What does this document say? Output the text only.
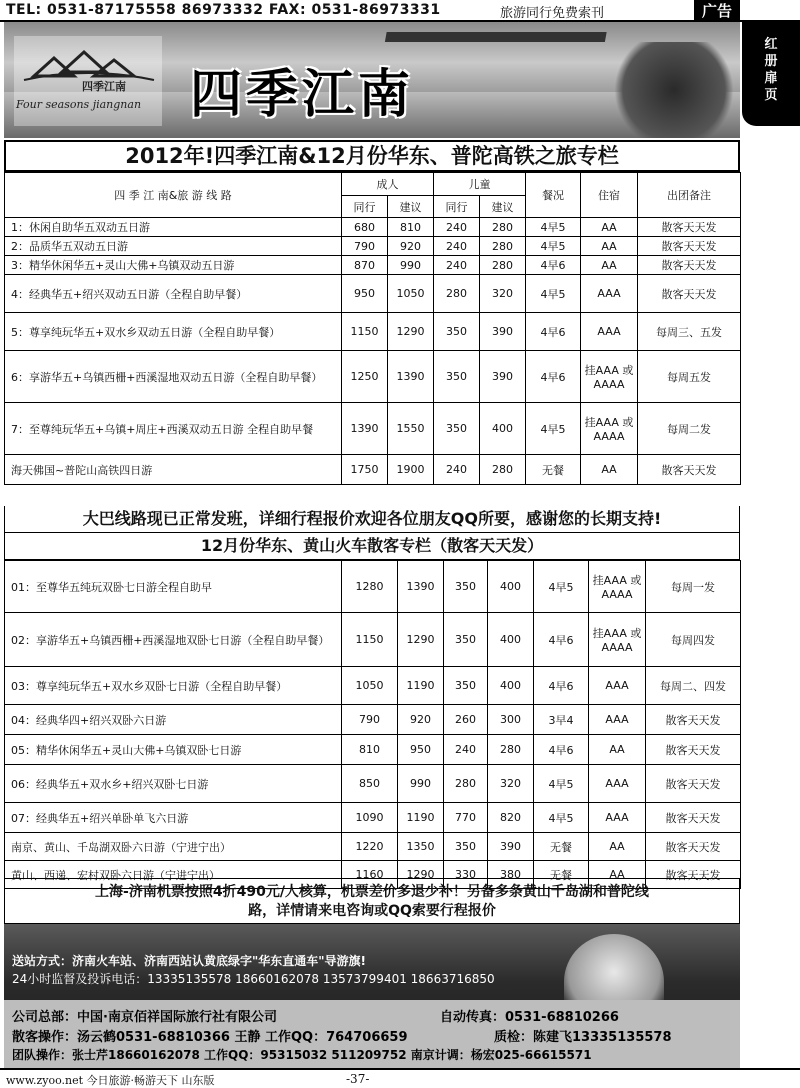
TEL: 0531-87175558 86973332 FAX: 0531-86973331	旅游同行免费索刊	广告
红
册
扉
页
四季江南
Four seasons jiangnan 四季江南
2012年!四季江南&12月份华东、普陀高铁之旅专栏
四 季 江 南&旅 游 线 路	成人		儿童		餐况	住宿	出团备注
	同行	建议	同行	建议			
1：休闲自助华五双动五日游	680	810	240	280	4早5	AA	散客天天发
2：品质华五双动五日游	790	920	240	280	4早5	AA	散客天天发
3：精华休闲华五+灵山大佛+乌镇双动五日游	870	990	240	280	4早6	AA	散客天天发
4：经典华五+绍兴双动五日游（全程自助早餐）	950	1050	280	320	4早5	AAA	散客天天发
5：尊享纯玩华五+双水乡双动五日游（全程自助早餐）	1150	1290	350	390	4早6	AAA	每周三、五发
6：享游华五+乌镇西栅+西溪湿地双动五日游（全程自助早餐）	1250	1390	350	390	4早6	挂AAA 或 AAAA	每周五发
7：至尊纯玩华五+乌镇+周庄+西溪双动五日游 全程自助早餐	1390	1550	350	400	4早5	挂AAA 或 AAAA	每周二发
海天佛国~普陀山高铁四日游	1750	1900	240	280	无餐	AA	散客天天发
大巴线路现已正常发班，详细行程报价欢迎各位朋友QQ所要，感谢您的长期支持!
12月份华东、黄山火车散客专栏（散客天天发）
01：至尊华五纯玩双卧七日游全程自助早	1280	1390	350	400	4早5	挂AAA 或 AAAA	每周一发
02：享游华五+乌镇西栅+西溪湿地双卧七日游（全程自助早餐）	1150	1290	350	400	4早6	挂AAA 或 AAAA	每周四发
03：尊享纯玩华五+双水乡双卧七日游（全程自助早餐）	1050	1190	350	400	4早6	AAA	每周二、四发
04：经典华四+绍兴双卧六日游	790	920	260	300	3早4	AAA	散客天天发
05：精华休闲华五+灵山大佛+乌镇双卧七日游	810	950	240	280	4早6	AA	散客天天发
06：经典华五+双水乡+绍兴双卧七日游	850	990	280	320	4早5	AAA	散客天天发
07：经典华五+绍兴单卧单飞六日游	1090	1190	770	820	4早5	AAA	散客天天发
南京、黄山、千岛湖双卧六日游（宁进宁出）	1220	1350	350	390	无餐	AA	散客天天发
黄山、西递、宏村双卧六日游（宁进宁出）	1160	1290	330	380	无餐	AA	散客天天发
上海-济南机票按照4折490元/人核算，机票差价多退少补！另备多条黄山千岛湖和普陀线
路，详情请来电咨询或QQ索要行程报价
送站方式：济南火车站、济南西站认黄底绿字"华东直通车"导游旗!
24小时监督及投诉电话：13335135578 18660162078 13573799401 18663716850
公司总部：中国·南京佰祥国际旅行社有限公司	自动传真：0531-68810266
散客操作：汤云鹤0531-68810366 王静 工作QQ：764706659	质检：陈建飞13335135578
团队操作：张士芹18660162078 工作QQ：95315032 511209752 南京计调：杨宏025-66615571
www.zyoo.net 今日旅游·畅游天下 山东版	-37-
